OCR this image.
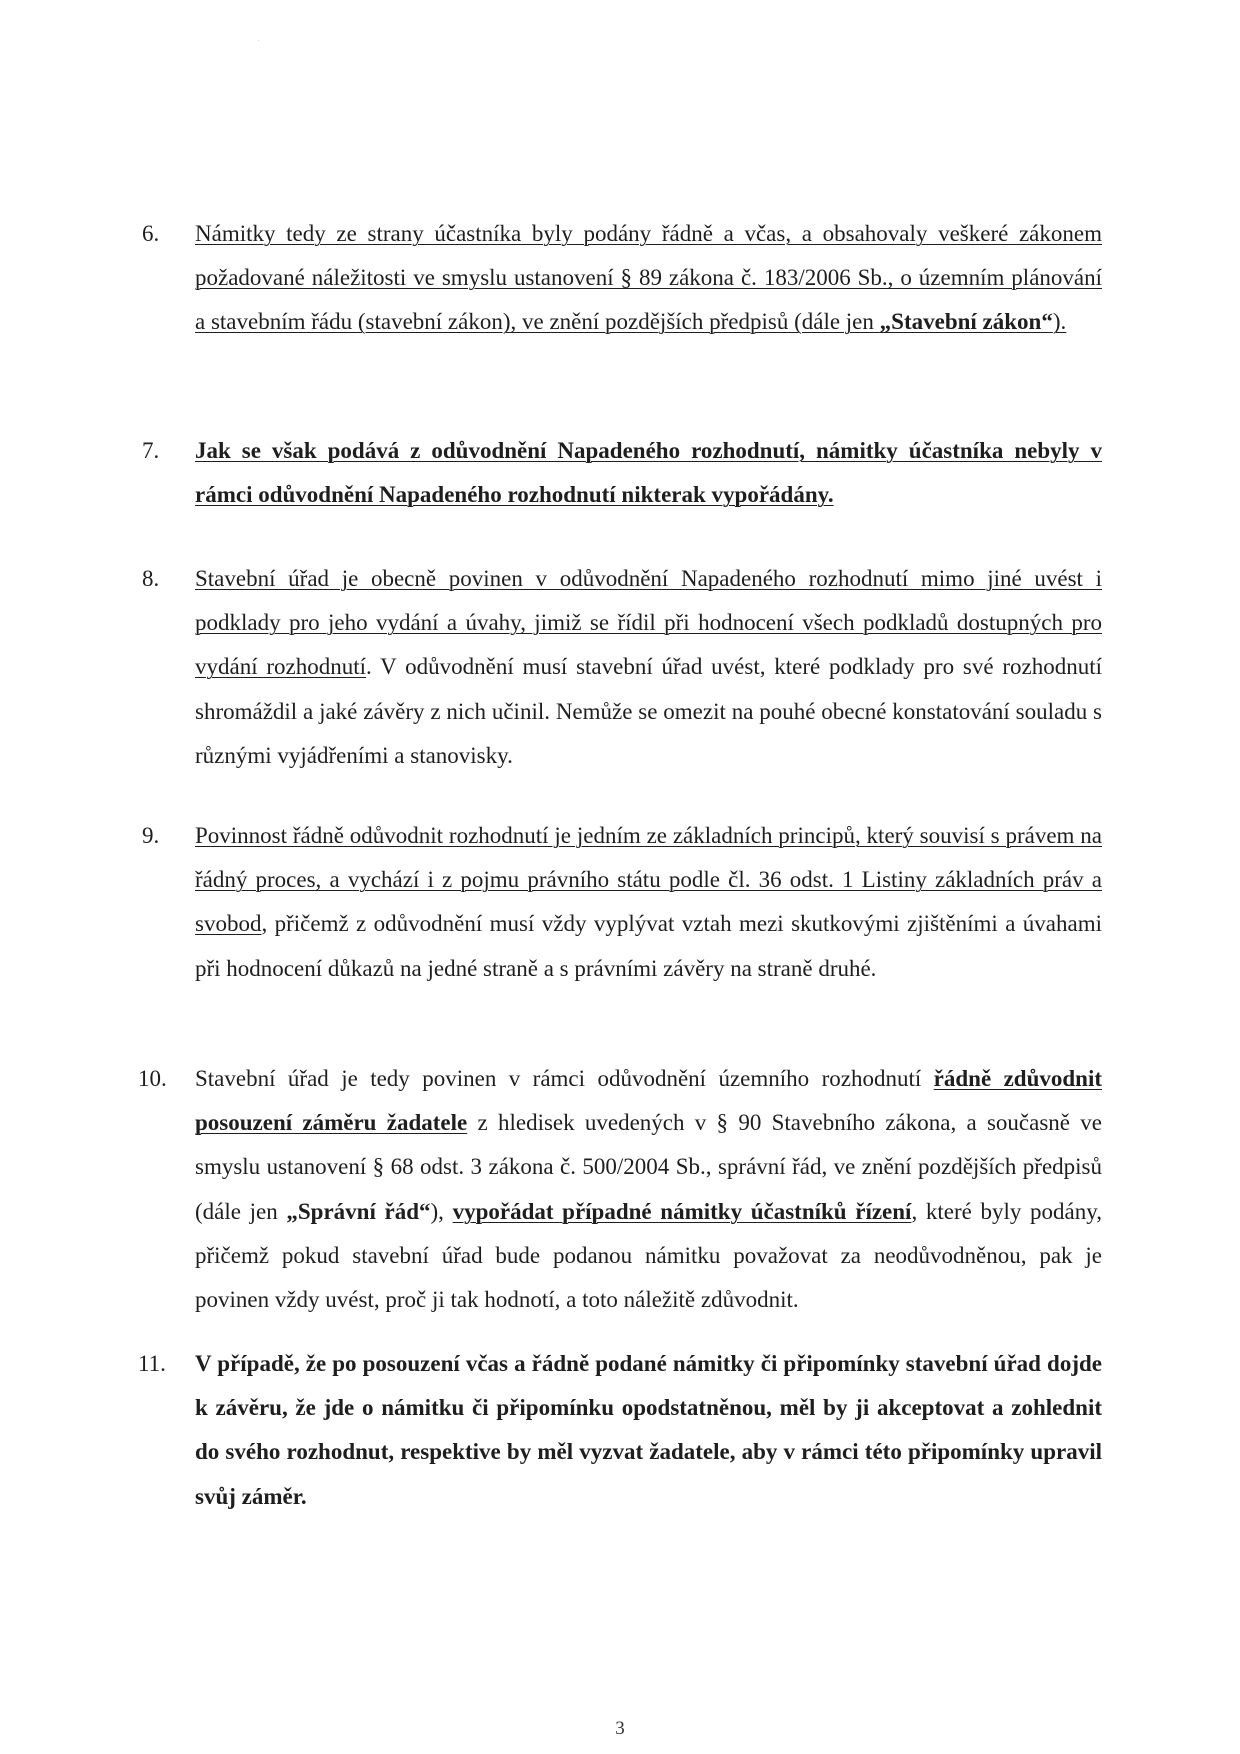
6.	Námitky tedy ze strany účastníka byly podány řádně a včas, a obsahovaly veškeré zákonem požadované náležitosti ve smyslu ustanovení § 89 zákona č. 183/2006 Sb., o územním plánování a stavebním řádu (stavební zákon), ve znění pozdějších předpisů (dále jen „Stavební zákon“).

7.	Jak se však podává z odůvodnění Napadeného rozhodnutí, námitky účastníka nebyly v rámci odůvodnění Napadeného rozhodnutí nikterak vypořádány.

8.	Stavební úřad je obecně povinen v odůvodnění Napadeného rozhodnutí mimo jiné uvést i podklady pro jeho vydání a úvahy, jimiž se řídil při hodnocení všech podkladů dostupných pro vydání rozhodnutí. V odůvodnění musí stavební úřad uvést, které podklady pro své rozhodnutí shromáždil a jaké závěry z nich učinil. Nemůže se omezit na pouhé obecné konstatování souladu s různými vyjádřeními a stanovisky.

9.	Povinnost řádně odůvodnit rozhodnutí je jedním ze základních principů, který souvisí s právem na řádný proces, a vychází i z pojmu právního státu podle čl. 36 odst. 1 Listiny základních práv a svobod, přičemž z odůvodnění musí vždy vyplývat vztah mezi skutkovými zjištěními a úvahami při hodnocení důkazů na jedné straně a s právními závěry na straně druhé.

10. Stavební úřad je tedy povinen v rámci odůvodnění územního rozhodnutí řádně zdůvodnit posouzení záměru žadatele z hledisek uvedených v § 90 Stavebního zákona, a současně ve smyslu ustanovení § 68 odst. 3 zákona č. 500/2004 Sb., správní řád, ve znění pozdějších předpisů (dále jen „Správní řád“), vypořádat případné námitky účastníků řízení, které byly podány, přičemž pokud stavební úřad bude podanou námitku považovat za neodůvodněnou, pak je povinen vždy uvést, proč ji tak hodnotí, a toto náležitě zdůvodnit.

11. V případě, že po posouzení včas a řádně podané námitky či připomínky stavební úřad dojde k závěru, že jde o námitku či připomínku opodstatněnou, měl by ji akceptovat a zohlednit do svého rozhodnut, respektive by měl vyzvat žadatele, aby v rámci této připomínky upravil svůj záměr.

3
